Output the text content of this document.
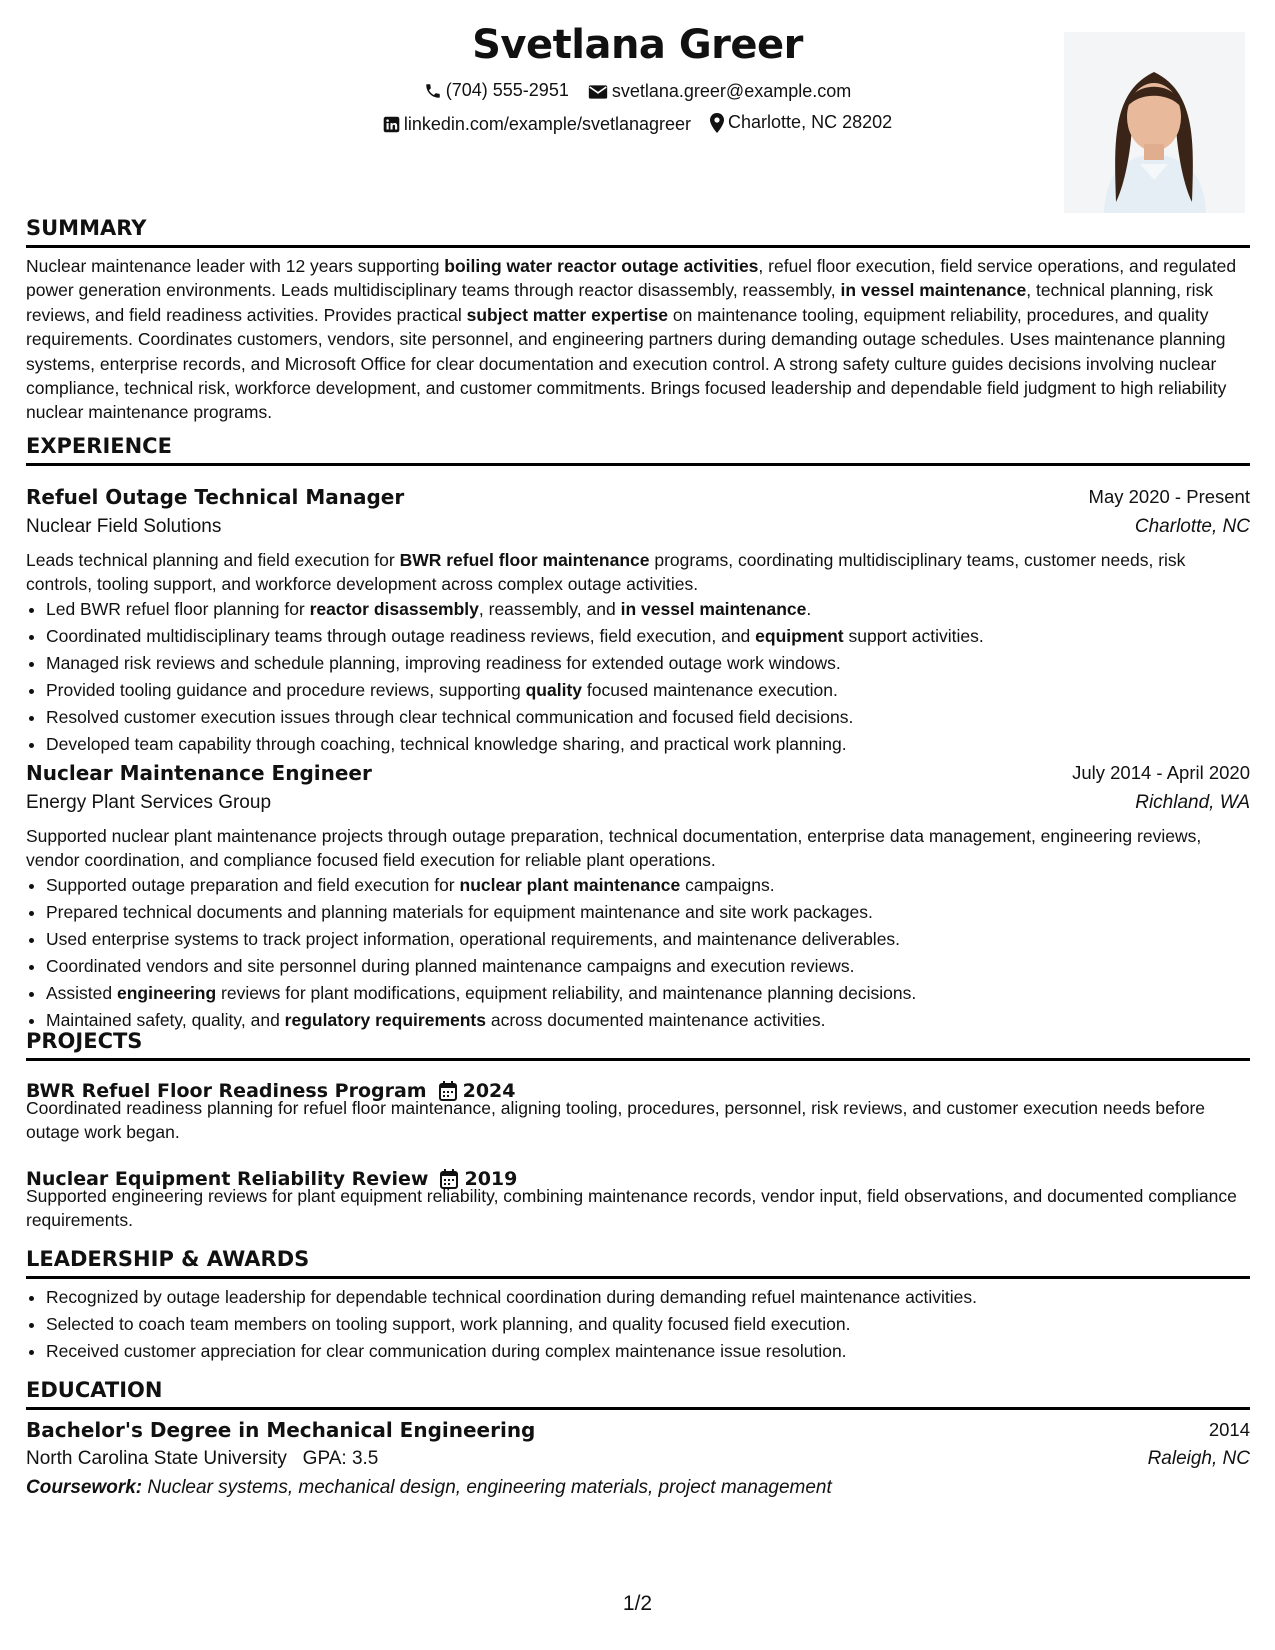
Svetlana Greer
(704) 555-2951
svetlana.greer@example.com
linkedin.com/example/svetlanagreer
Charlotte, NC 28202
SUMMARY
Nuclear maintenance leader with 12 years supporting boiling water reactor outage activities, refuel floor execution, field service operations, and regulated power generation environments. Leads multidisciplinary teams through reactor disassembly, reassembly, in vessel maintenance, technical planning, risk reviews, and field readiness activities. Provides practical subject matter expertise on maintenance tooling, equipment reliability, procedures, and quality requirements. Coordinates customers, vendors, site personnel, and engineering partners during demanding outage schedules. Uses maintenance planning systems, enterprise records, and Microsoft Office for clear documentation and execution control. A strong safety culture guides decisions involving nuclear compliance, technical risk, workforce development, and customer commitments. Brings focused leadership and dependable field judgment to high reliability nuclear maintenance programs.
EXPERIENCE
Refuel Outage Technical Manager	May 2020 - Present
Nuclear Field Solutions	Charlotte, NC
Leads technical planning and field execution for BWR refuel floor maintenance programs, coordinating multidisciplinary teams, customer needs, risk controls, tooling support, and workforce development across complex outage activities.
• Led BWR refuel floor planning for reactor disassembly, reassembly, and in vessel maintenance.
• Coordinated multidisciplinary teams through outage readiness reviews, field execution, and equipment support activities.
• Managed risk reviews and schedule planning, improving readiness for extended outage work windows.
• Provided tooling guidance and procedure reviews, supporting quality focused maintenance execution.
• Resolved customer execution issues through clear technical communication and focused field decisions.
• Developed team capability through coaching, technical knowledge sharing, and practical work planning.
Nuclear Maintenance Engineer	July 2014 - April 2020
Energy Plant Services Group	Richland, WA
Supported nuclear plant maintenance projects through outage preparation, technical documentation, enterprise data management, engineering reviews, vendor coordination, and compliance focused field execution for reliable plant operations.
• Supported outage preparation and field execution for nuclear plant maintenance campaigns.
• Prepared technical documents and planning materials for equipment maintenance and site work packages.
• Used enterprise systems to track project information, operational requirements, and maintenance deliverables.
• Coordinated vendors and site personnel during planned maintenance campaigns and execution reviews.
• Assisted engineering reviews for plant modifications, equipment reliability, and maintenance planning decisions.
• Maintained safety, quality, and regulatory requirements across documented maintenance activities.
PROJECTS
BWR Refuel Floor Readiness Program 2024
Coordinated readiness planning for refuel floor maintenance, aligning tooling, procedures, personnel, risk reviews, and customer execution needs before outage work began.
Nuclear Equipment Reliability Review 2019
Supported engineering reviews for plant equipment reliability, combining maintenance records, vendor input, field observations, and documented compliance requirements.
LEADERSHIP & AWARDS
• Recognized by outage leadership for dependable technical coordination during demanding refuel maintenance activities.
• Selected to coach team members on tooling support, work planning, and quality focused field execution.
• Received customer appreciation for clear communication during complex maintenance issue resolution.
EDUCATION
Bachelor's Degree in Mechanical Engineering	2014
North Carolina State University GPA: 3.5	Raleigh, NC
Coursework: Nuclear systems, mechanical design, engineering materials, project management
1/2
